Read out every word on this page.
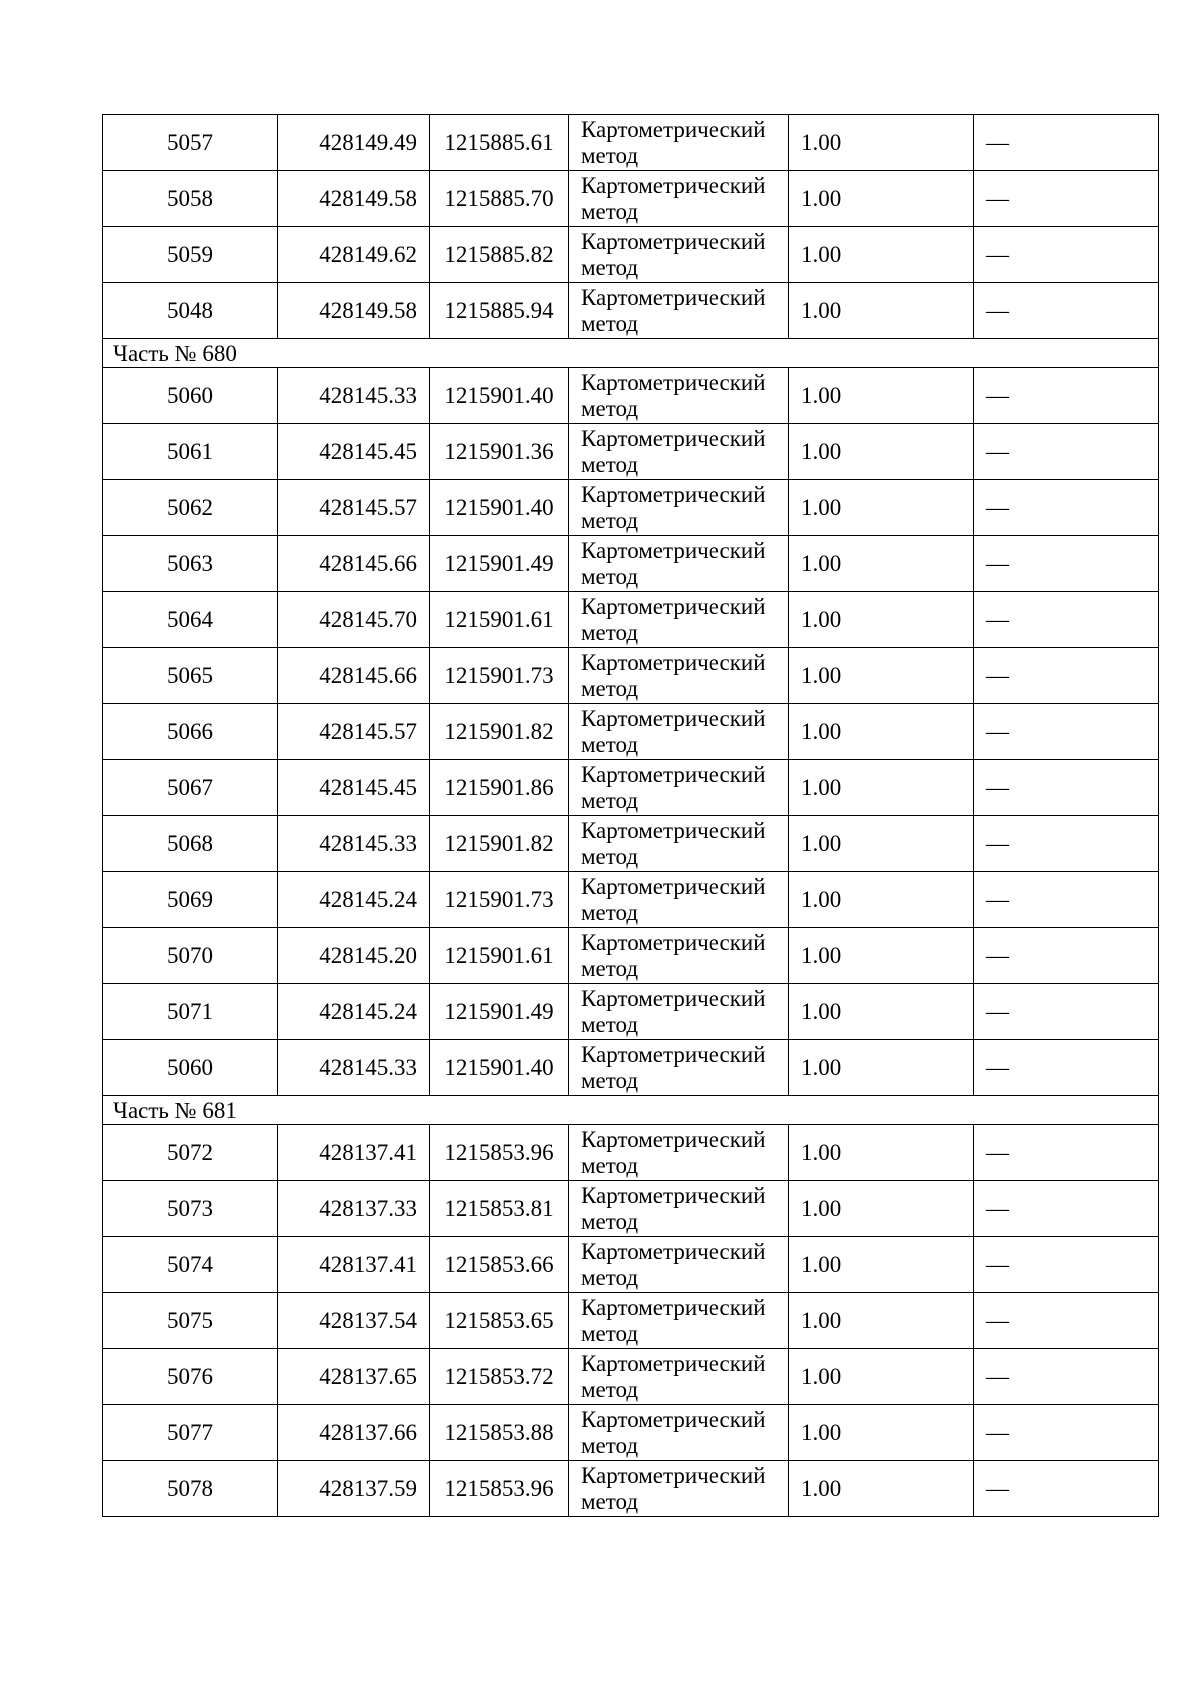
5057	428149.49	1215885.61	Картометрический метод	1.00	—
5058	428149.58	1215885.70	Картометрический метод	1.00	—
5059	428149.62	1215885.82	Картометрический метод	1.00	—
5048	428149.58	1215885.94	Картометрический метод	1.00	—
Часть № 680					
5060	428145.33	1215901.40	Картометрический метод	1.00	—
5061	428145.45	1215901.36	Картометрический метод	1.00	—
5062	428145.57	1215901.40	Картометрический метод	1.00	—
5063	428145.66	1215901.49	Картометрический метод	1.00	—
5064	428145.70	1215901.61	Картометрический метод	1.00	—
5065	428145.66	1215901.73	Картометрический метод	1.00	—
5066	428145.57	1215901.82	Картометрический метод	1.00	—
5067	428145.45	1215901.86	Картометрический метод	1.00	—
5068	428145.33	1215901.82	Картометрический метод	1.00	—
5069	428145.24	1215901.73	Картометрический метод	1.00	—
5070	428145.20	1215901.61	Картометрический метод	1.00	—
5071	428145.24	1215901.49	Картометрический метод	1.00	—
5060	428145.33	1215901.40	Картометрический метод	1.00	—
Часть № 681					
5072	428137.41	1215853.96	Картометрический метод	1.00	—
5073	428137.33	1215853.81	Картометрический метод	1.00	—
5074	428137.41	1215853.66	Картометрический метод	1.00	—
5075	428137.54	1215853.65	Картометрический метод	1.00	—
5076	428137.65	1215853.72	Картометрический метод	1.00	—
5077	428137.66	1215853.88	Картометрический метод	1.00	—
5078	428137.59	1215853.96	Картометрический метод	1.00	—
